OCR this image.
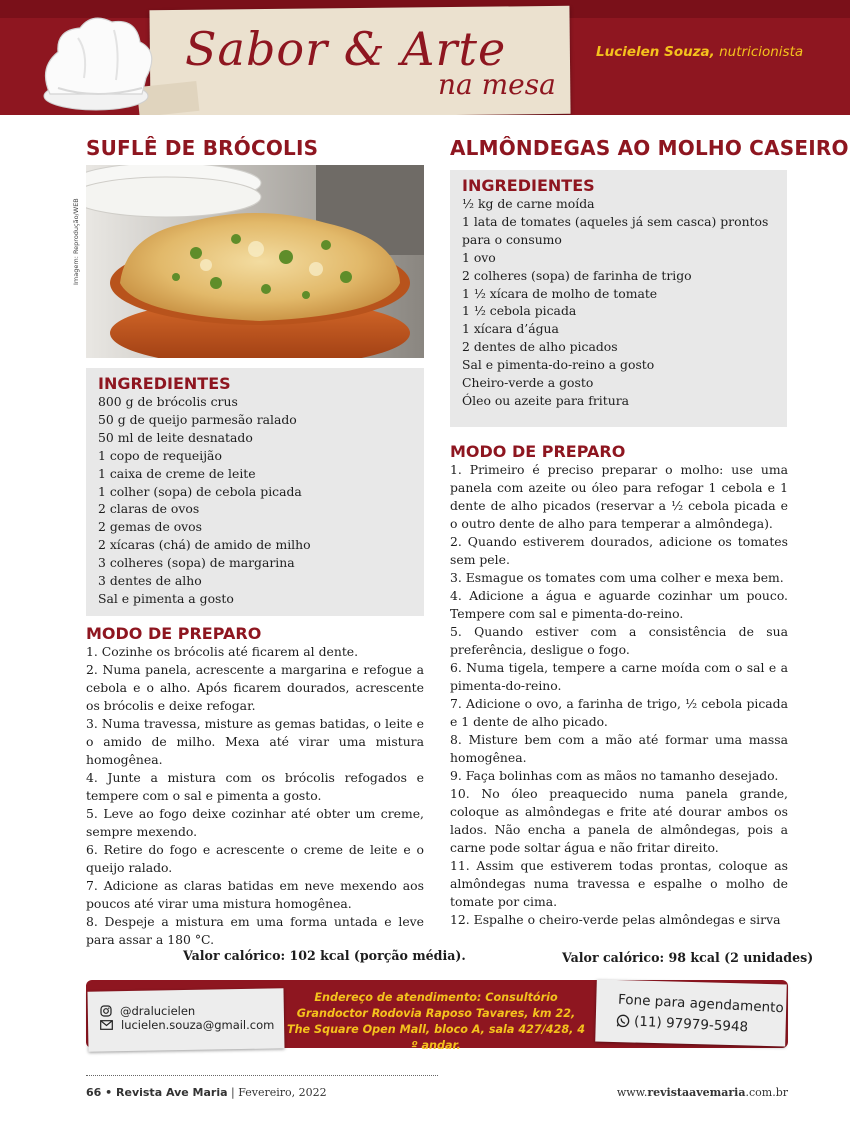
Sabor & Arte
na mesa
Lucielen Souza, nutricionista
SUFLÊ DE BRÓCOLIS
Imagem: Reprodução/WEB
INGREDIENTES
800 g de brócolis crus
50 g de queijo parmesão ralado
50 ml de leite desnatado
1 copo de requeijão
1 caixa de creme de leite
1 colher (sopa) de cebola picada
2 claras de ovos
2 gemas de ovos
2 xícaras (chá) de amido de milho
3 colheres (sopa) de margarina
3 dentes de alho
Sal e pimenta a gosto
MODO DE PREPARO
1. Cozinhe os brócolis até ficarem al dente.
2. Numa panela, acrescente a margarina e refogue a cebola e o alho. Após ficarem dourados, acrescente os brócolis e deixe refogar.
3. Numa travessa, misture as gemas batidas, o leite e o amido de milho. Mexa até virar uma mistura homogênea.
4. Junte a mistura com os brócolis refogados e tempere com o sal e pimenta a gosto.
5. Leve ao fogo deixe cozinhar até obter um creme, sempre mexendo.
6. Retire do fogo e acrescente o creme de leite e o queijo ralado.
7. Adicione as claras batidas em neve mexendo aos poucos até virar uma mistura homogênea.
8. Despeje a mistura em uma forma untada e leve para assar a 180 °C.
Valor calórico: 102 kcal (porção média).
ALMÔNDEGAS AO MOLHO CASEIRO
INGREDIENTES
½ kg de carne moída
1 lata de tomates (aqueles já sem casca) prontos para o consumo
1 ovo
2 colheres (sopa) de farinha de trigo
1 ½ xícara de molho de tomate
1 ½ cebola picada
1 xícara d’água
2 dentes de alho picados
Sal e pimenta-do-reino a gosto
Cheiro-verde a gosto
Óleo ou azeite para fritura
MODO DE PREPARO
1. Primeiro é preciso preparar o molho: use uma panela com azeite ou óleo para refogar 1 cebola e 1 dente de alho picados (reservar a ½ cebola picada e o outro dente de alho para temperar a almôndega).
2. Quando estiverem dourados, adicione os tomates sem pele.
3. Esmague os tomates com uma colher e mexa bem.
4. Adicione a água e aguarde cozinhar um pouco. Tempere com sal e pimenta-do-reino.
5. Quando estiver com a consistência de sua preferência, desligue o fogo.
6. Numa tigela, tempere a carne moída com o sal e a pimenta-do-reino.
7. Adicione o ovo, a farinha de trigo, ½ cebola picada e 1 dente de alho picado.
8. Misture bem com a mão até formar uma massa homogênea.
9. Faça bolinhas com as mãos no tamanho desejado.
10. No óleo preaquecido numa panela grande, coloque as almôndegas e frite até dourar ambos os lados. Não encha a panela de almôndegas, pois a carne pode soltar água e não fritar direito.
11. Assim que estiverem todas prontas, coloque as almôndegas numa travessa e espalhe o molho de tomate por cima.
12. Espalhe o cheiro-verde pelas almôndegas e sirva
Valor calórico: 98 kcal (2 unidades)
@dralucielen
lucielen.souza@gmail.com
Endereço de atendimento: Consultório Grandoctor Rodovia Raposo Tavares, km 22, The Square Open Mall, bloco A, sala 427/428, 4 º andar.
Fone para agendamento
(11) 97979-5948
66 • Revista Ave Maria | Fevereiro, 2022	www.revistaavemaria.com.br
